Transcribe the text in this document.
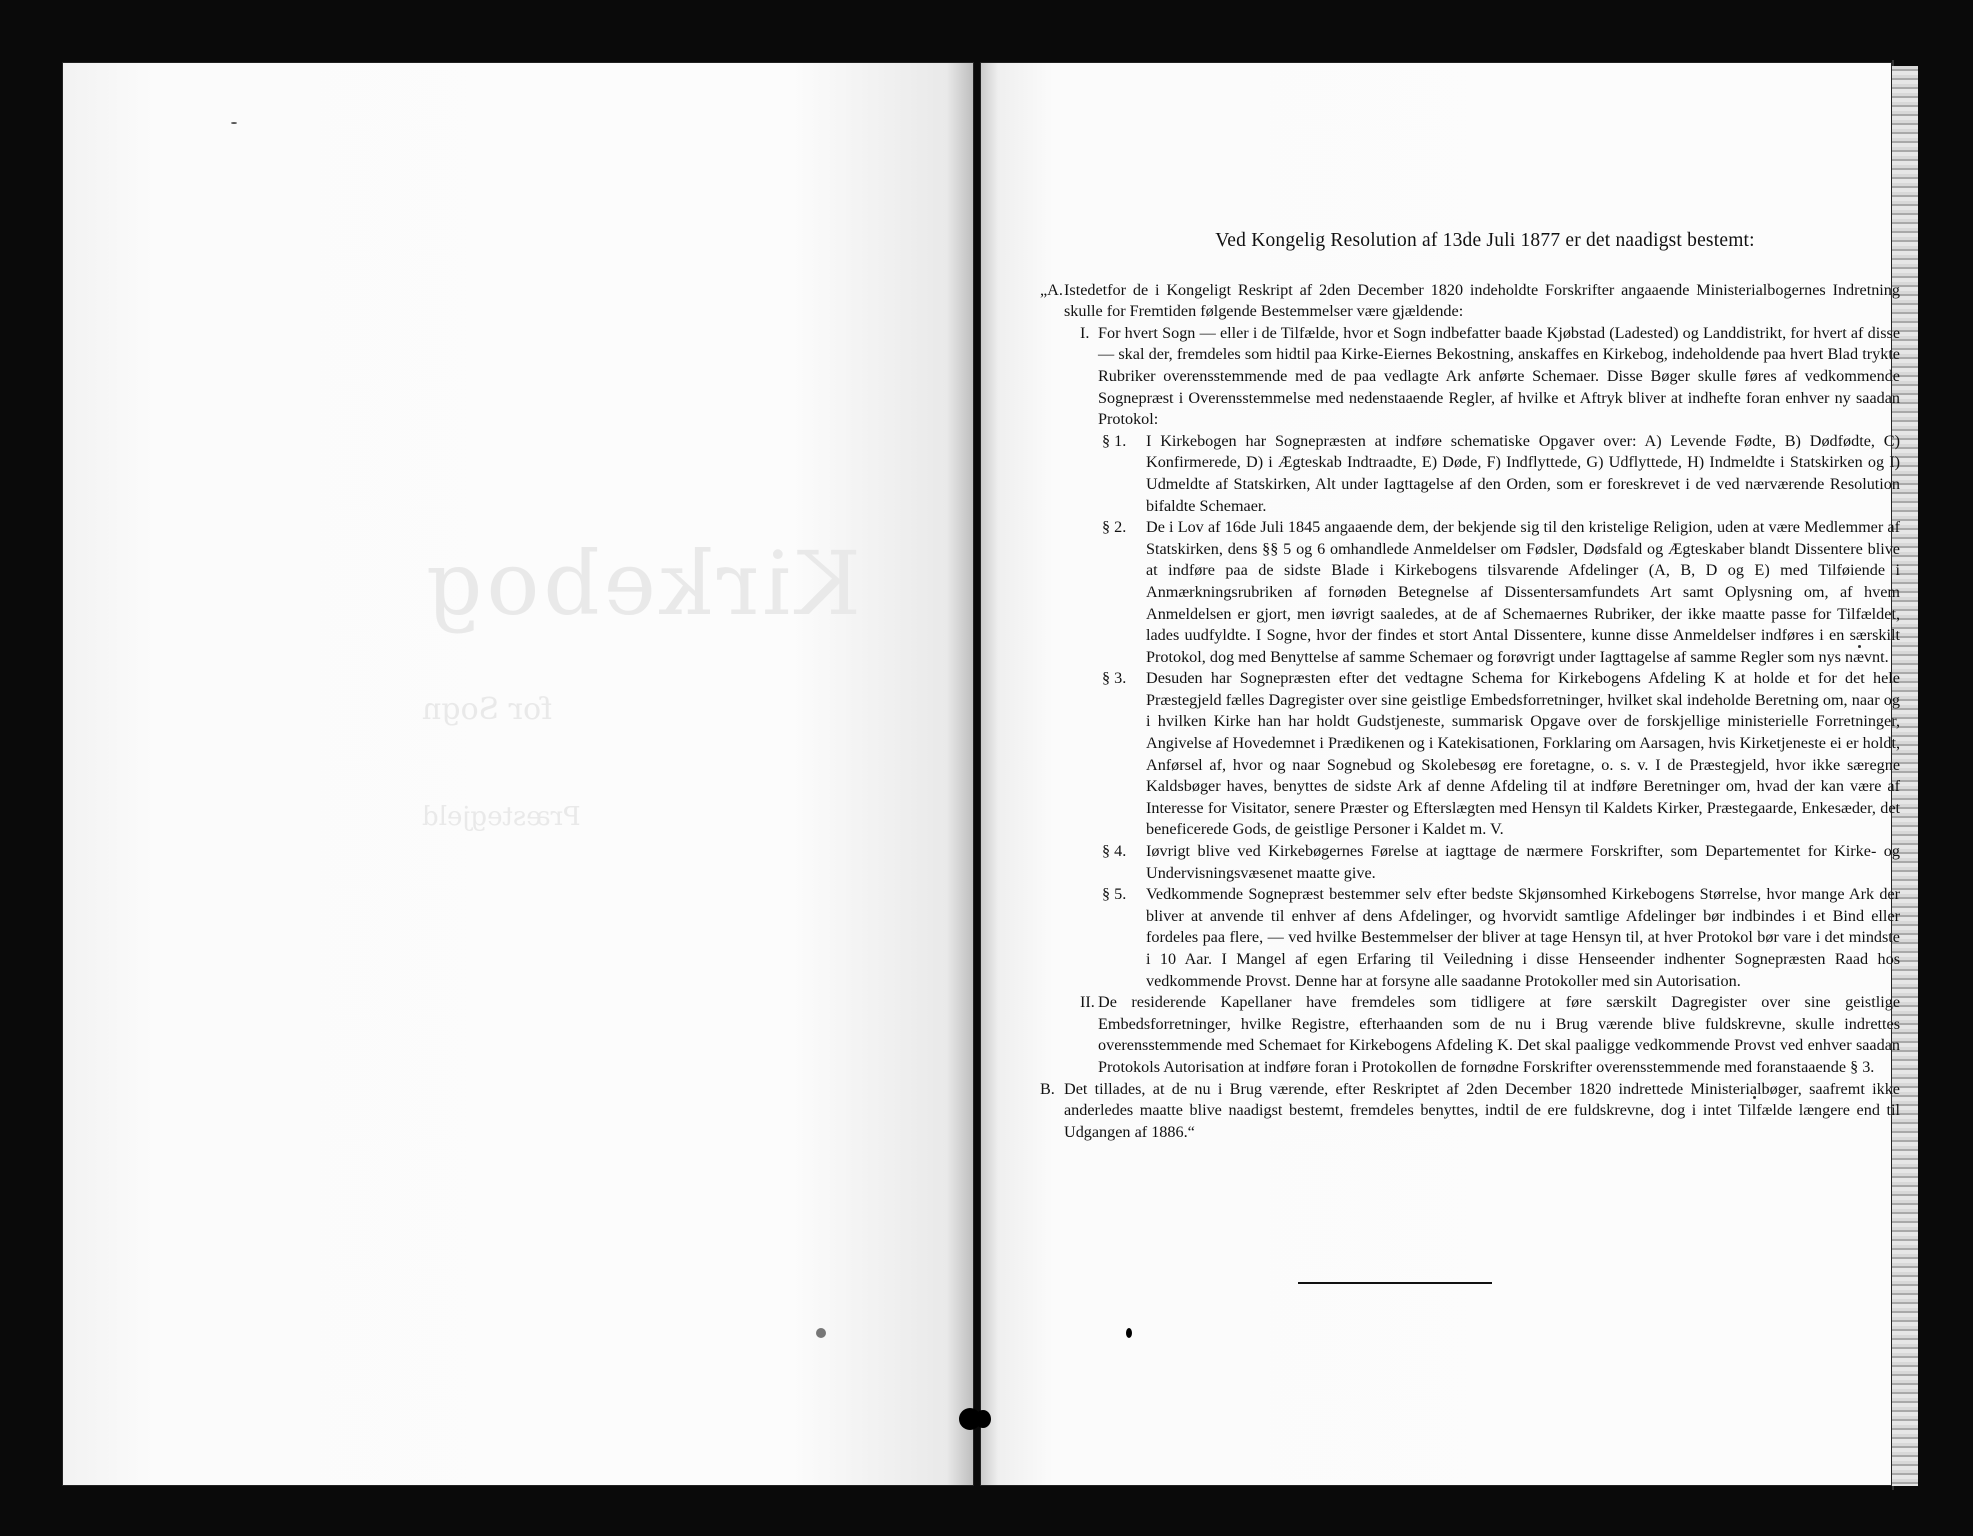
Kirkebog
for Sogn
Præstegjeld
Ved Kongelig Resolution af 13de Juli 1877 er det naadigst bestemt:
„A. Istedetfor de i Kongeligt Reskript af 2den December 1820 indeholdte Forskrifter angaaende Ministerialbogernes Indretning skulle for Fremtiden følgende Bestemmelser være gjældende:
I. For hvert Sogn — eller i de Tilfælde, hvor et Sogn indbefatter baade Kjøbstad (Ladested) og Landdistrikt, for hvert af disse — skal der, fremdeles som hidtil paa Kirke-Eiernes Bekostning, anskaffes en Kirkebog, indeholdende paa hvert Blad trykte Rubriker overensstemmende med de paa vedlagte Ark anførte Schemaer. Disse Bøger skulle føres af vedkommende Sognepræst i Overensstemmelse med nedenstaaende Regler, af hvilke et Aftryk bliver at indhefte foran enhver ny saadan Protokol:
§ 1. I Kirkebogen har Sognepræsten at indføre schematiske Opgaver over: A) Levende Fødte, B) Dødfødte, C) Konfirmerede, D) i Ægteskab Indtraadte, E) Døde, F) Indflyttede, G) Udflyttede, H) Indmeldte i Statskirken og I) Udmeldte af Statskirken, Alt under Iagttagelse af den Orden, som er foreskrevet i de ved nærværende Resolution bifaldte Schemaer.
§ 2. De i Lov af 16de Juli 1845 angaaende dem, der bekjende sig til den kristelige Religion, uden at være Medlemmer af Statskirken, dens §§ 5 og 6 omhandlede Anmeldelser om Fødsler, Dødsfald og Ægteskaber blandt Dissentere blive at indføre paa de sidste Blade i Kirkebogens tilsvarende Afdelinger (A, B, D og E) med Tilføiende i Anmærkningsrubriken af fornøden Betegnelse af Dissentersamfundets Art samt Oplysning om, af hvem Anmeldelsen er gjort, men iøvrigt saaledes, at de af Schemaernes Rubriker, der ikke maatte passe for Tilfældet, lades uudfyldte. I Sogne, hvor der findes et stort Antal Dissentere, kunne disse Anmeldelser indføres i en særskilt Protokol, dog med Benyttelse af samme Schemaer og forøvrigt under Iagttagelse af samme Regler som nys nævnt.
§ 3. Desuden har Sognepræsten efter det vedtagne Schema for Kirkebogens Afdeling K at holde et for det hele Præstegjeld fælles Dagregister over sine geistlige Embedsforretninger, hvilket skal indeholde Beretning om, naar og i hvilken Kirke han har holdt Gudstjeneste, summarisk Opgave over de forskjellige ministerielle Forretninger, Angivelse af Hovedemnet i Prædikenen og i Katekisationen, Forklaring om Aarsagen, hvis Kirketjeneste ei er holdt, Anførsel af, hvor og naar Sognebud og Skolebesøg ere foretagne, o. s. v. I de Præstegjeld, hvor ikke særegne Kaldsbøger haves, benyttes de sidste Ark af denne Afdeling til at indføre Beretninger om, hvad der kan være af Interesse for Visitator, senere Præster og Efterslægten med Hensyn til Kaldets Kirker, Præstegaarde, Enkesæder, det beneficerede Gods, de geistlige Personer i Kaldet m. V.
§ 4. Iøvrigt blive ved Kirkebøgernes Førelse at iagttage de nærmere Forskrifter, som Departementet for Kirke- og Undervisningsvæsenet maatte give.
§ 5. Vedkommende Sognepræst bestemmer selv efter bedste Skjønsomhed Kirkebogens Størrelse, hvor mange Ark der bliver at anvende til enhver af dens Afdelinger, og hvorvidt samtlige Afdelinger bør indbindes i et Bind eller fordeles paa flere, — ved hvilke Bestemmelser der bliver at tage Hensyn til, at hver Protokol bør vare i det mindste i 10 Aar. I Mangel af egen Erfaring til Veiledning i disse Henseender indhenter Sognepræsten Raad hos vedkommende Provst. Denne har at forsyne alle saadanne Protokoller med sin Autorisation.
II. De residerende Kapellaner have fremdeles som tidligere at føre særskilt Dagregister over sine geistlige Embedsforretninger, hvilke Registre, efterhaanden som de nu i Brug værende blive fuldskrevne, skulle indrettes overensstemmende med Schemaet for Kirkebogens Afdeling K. Det skal paaligge vedkommende Provst ved enhver saadan Protokols Autorisation at indføre foran i Protokollen de fornødne Forskrifter overensstemmende med foranstaaende § 3.
B. Det tillades, at de nu i Brug værende, efter Reskriptet af 2den December 1820 indrettede Ministerialbøger, saafremt ikke anderledes maatte blive naadigst bestemt, fremdeles benyttes, indtil de ere fuldskrevne, dog i intet Tilfælde længere end til Udgangen af 1886.“
